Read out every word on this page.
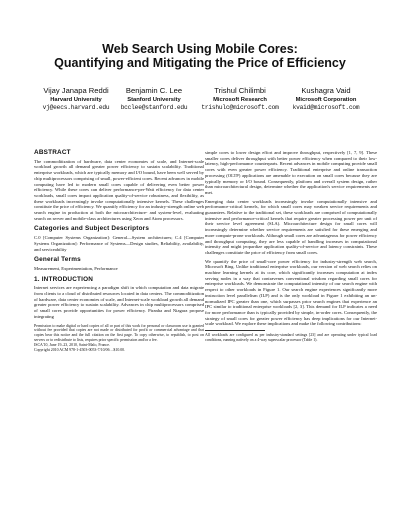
Web Search Using Mobile Cores:
Quantifying and Mitigating the Price of Efficiency
Vijay Janapa Reddi
Harvard University
vj@eecs.harvard.edu
Benjamin C. Lee
Stanford University
bcclee@stanford.edu
Trishul Chilimbi
Microsoft Research
trishulc@microsoft.com
Kushagra Vaid
Microsoft Corporation
kvaid@microsoft.com
ABSTRACT

The commoditization of hardware, data center economies of scale, and Internet-scale workload growth all demand greater power efficiency to sustain scalability. Traditional enterprise workloads, which are typically memory and I/O bound, have been well served by chip multiprocessors comprising of small, power-efficient cores. Recent advances in mobile computing have led to modern small cores capable of delivering even better power efficiency. While these cores can deliver performance-per-Watt efficiency for data center workloads, small cores impact application quality-of-service robustness, and flexibility, as these workloads increasingly invoke computationally intensive kernels. These challenges constitute the price of efficiency. We quantify efficiency for an industry-strength online web search engine in production at both the microarchitecture- and system-level, evaluating search on server and mobile-class architectures using Xeon and Atom processors.

Categories and Subject Descriptors

C.0 [Computer Systems Organization]: General—System architectures; C.4 [Computer Systems Organization]: Performance of Systems—Design studies, Reliability, availability, and serviceability

General Terms

Measurement, Experimentation, Performance

1. INTRODUCTION

Internet services are experiencing a paradigm shift in which computation and data migrate from clients to a cloud of distributed resources located in data centers. The commoditization of hardware, data center economies of scale, and Internet-scale workload growth all demand greater power efficiency to sustain scalability. Advances in chip multiprocessors comprised of small cores provide opportunities for power efficiency. Piranha and Niagara propose integrating

Permission to make digital or hard copies of all or part of this work for personal or classroom use is granted without fee provided that copies are not made or distributed for profit or commercial advantage and that copies bear this notice and the full citation on the first page. To copy otherwise, to republish, to post on servers or to redistribute to lists, requires prior specific permission and/or a fee.
ISCA'10, June 19–23, 2010, Saint-Malo, France.
Copyright 2010 ACM 978-1-4503-0053-7/10/06 ...$10.00.

simple cores to lower design effort and improve throughput, respectively [1, 7, 9]. These smaller cores deliver throughput with better power efficiency when compared to their low-latency, high-performance counterparts. Recent advances in mobile computing provide small cores with even greater power efficiency. Traditional enterprise and online transaction processing (OLTP) applications are amenable to execution on small cores because they are typically memory or I/O bound. Consequently, platform and overall system design, rather than microarchitectural design, determine whether the application's service requirements are met.

Emerging data center workloads increasingly invoke computationally intensive and performance-critical kernels, for which small cores may weaken service requirements and guarantees. Relative to the traditional set, these workloads are comprised of computationally intensive and performance-critical kernels that require greater processing power per unit of their service level agreement (SLA). Microarchitecture design for small cores will increasingly determine whether service requirements are satisfied for these emerging and more compute-prone workloads. Although small cores are advantageous for power efficiency and throughput computing, they are less capable of handling increases in computational intensity and might jeopardize application quality-of-service and latency constraints. These challenges constitute the price of efficiency from small cores.

We quantify the price of small-core power efficiency for industry-strength web search, Microsoft Bing. Unlike traditional enterprise workloads, our version of web search relies on machine learning kernels at its core, which significantly increases computation at index serving nodes in a way that contravenes conventional wisdom regarding small cores for enterprise workloads. We demonstrate the computational intensity of our search engine with respect to other workloads in Figure 1. Our search engine experiences significantly more instruction level parallelism (ILP) and is the only workload in Figure 1 exhibiting an un-normalized IPC greater than one, which surpasses prior search engines that experience an IPC similar to traditional enterprise workloads [2, 3]. This demand for ILP indicates a need for more performance than is typically provided by simple, in-order cores. Consequently, the strategy of small cores for greater power efficiency has deep implications for our Internet-scale workload. We explore these implications and make the following contributions:

All workloads are configured as per industry-standard settings [23] and are operating under typical load conditions, running natively on a 4-way superscalar processor (Table 1).
